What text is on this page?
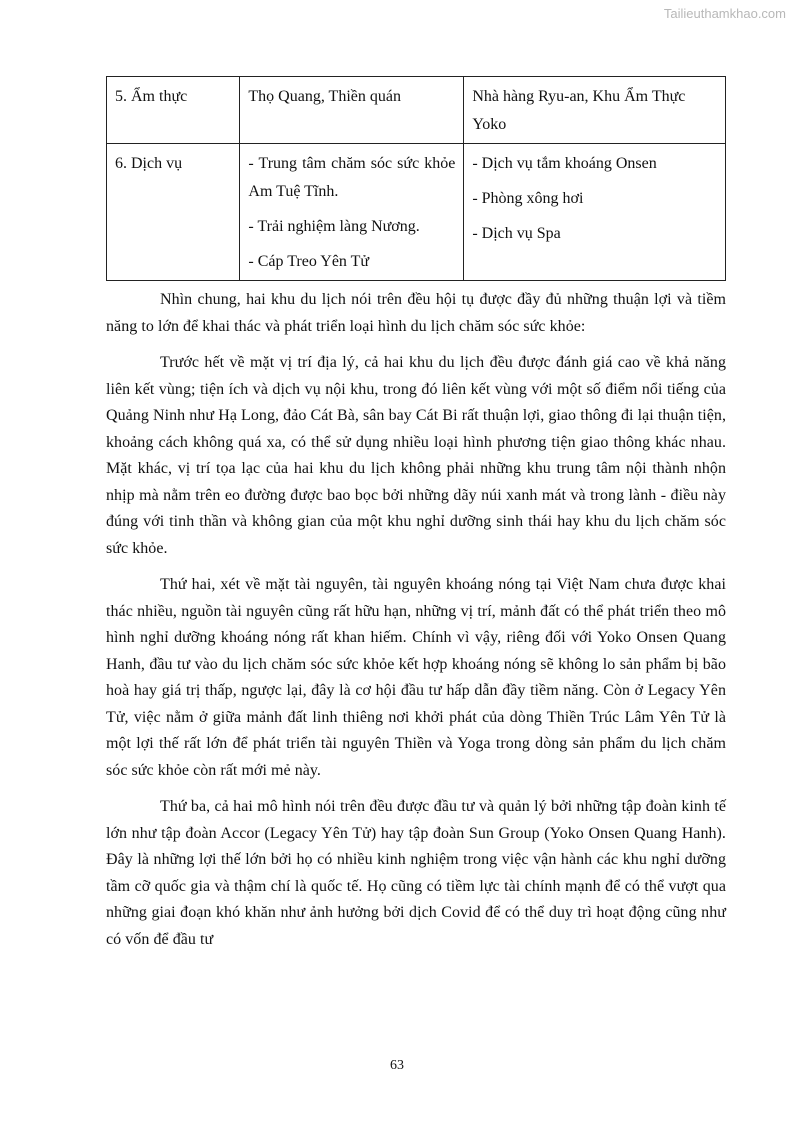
Tailieuthamkhao.com
5. Ẩm thực	Thọ Quang, Thiền quán	Nhà hàng Ryu-an, Khu Ẩm Thực Yoko

6. Dịch vụ	- Trung tâm chăm sóc sức khỏe Am Tuệ Tĩnh.
- Trải nghiệm làng Nương.
- Cáp Treo Yên Tử	- Dịch vụ tắm khoáng Onsen
- Phòng xông hơi
- Dịch vụ Spa

Nhìn chung, hai khu du lịch nói trên đều hội tụ được đầy đủ những thuận lợi và tiềm năng to lớn để khai thác và phát triển loại hình du lịch chăm sóc sức khỏe:

Trước hết về mặt vị trí địa lý, cả hai khu du lịch đều được đánh giá cao về khả năng liên kết vùng; tiện ích và dịch vụ nội khu, trong đó liên kết vùng với một số điểm nổi tiếng của Quảng Ninh như Hạ Long, đảo Cát Bà, sân bay Cát Bi rất thuận lợi, giao thông đi lại thuận tiện, khoảng cách không quá xa, có thể sử dụng nhiều loại hình phương tiện giao thông khác nhau. Mặt khác, vị trí tọa lạc của hai khu du lịch không phải những khu trung tâm nội thành nhộn nhịp mà nằm trên eo đường được bao bọc bởi những dãy núi xanh mát và trong lành - điều này đúng với tinh thần và không gian của một khu nghỉ dưỡng sinh thái hay khu du lịch chăm sóc sức khỏe.

Thứ hai, xét về mặt tài nguyên, tài nguyên khoáng nóng tại Việt Nam chưa được khai thác nhiều, nguồn tài nguyên cũng rất hữu hạn, những vị trí, mảnh đất có thể phát triển theo mô hình nghỉ dưỡng khoáng nóng rất khan hiếm. Chính vì vậy, riêng đối với Yoko Onsen Quang Hanh, đầu tư vào du lịch chăm sóc sức khỏe kết hợp khoáng nóng sẽ không lo sản phẩm bị bão hoà hay giá trị thấp, ngược lại, đây là cơ hội đầu tư hấp dẫn đầy tiềm năng. Còn ở Legacy Yên Tử, việc nằm ở giữa mảnh đất linh thiêng nơi khởi phát của dòng Thiền Trúc Lâm Yên Tử là một lợi thế rất lớn để phát triển tài nguyên Thiền và Yoga trong dòng sản phẩm du lịch chăm sóc sức khỏe còn rất mới mẻ này.

Thứ ba, cả hai mô hình nói trên đều được đầu tư và quản lý bởi những tập đoàn kinh tế lớn như tập đoàn Accor (Legacy Yên Tử) hay tập đoàn Sun Group (Yoko Onsen Quang Hanh). Đây là những lợi thế lớn bởi họ có nhiều kinh nghiệm trong việc vận hành các khu nghỉ dưỡng tầm cỡ quốc gia và thậm chí là quốc tế. Họ cũng có tiềm lực tài chính mạnh để có thể vượt qua những giai đoạn khó khăn như ảnh hưởng bởi dịch Covid để có thể duy trì hoạt động cũng như có vốn để đầu tư

63
